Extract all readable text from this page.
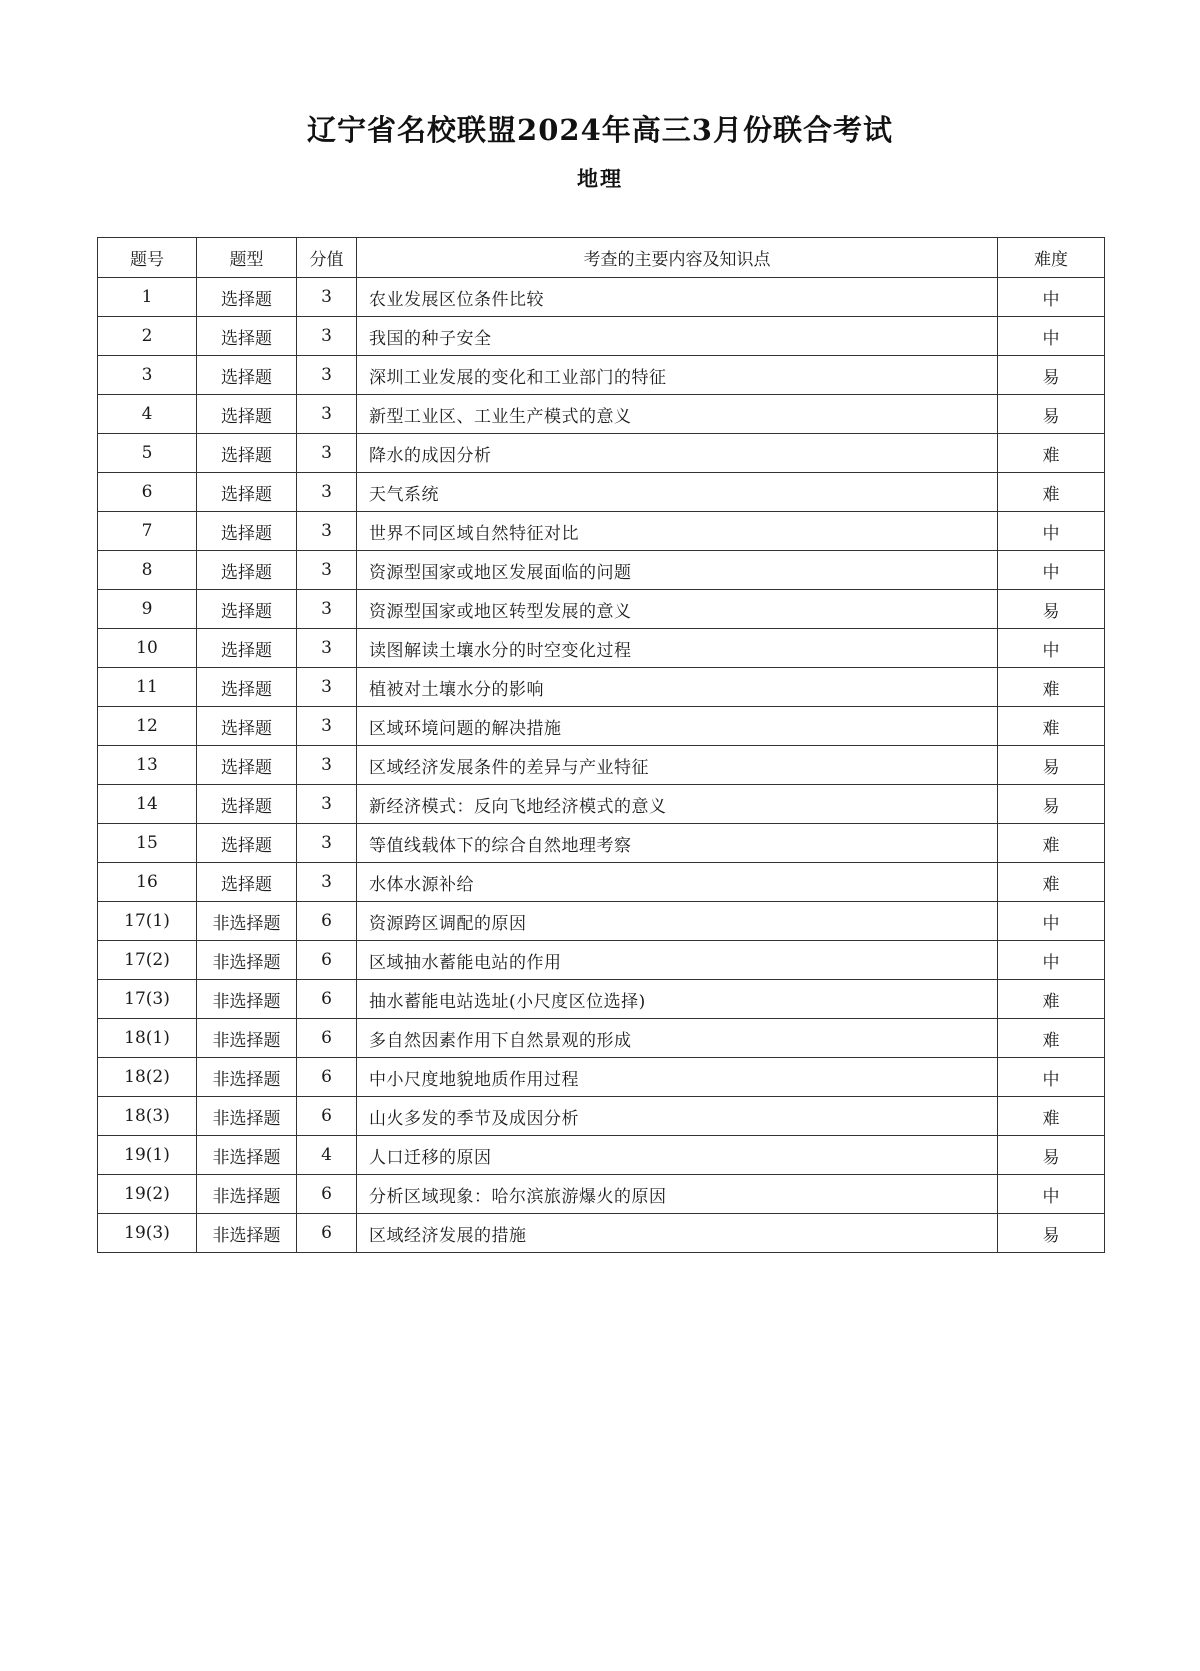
辽宁省名校联盟2024年高三3月份联合考试
地理
题号	题型	分值	考查的主要内容及知识点	难度
1	选择题	3	农业发展区位条件比较	中
2	选择题	3	我国的种子安全	中
3	选择题	3	深圳工业发展的变化和工业部门的特征	易
4	选择题	3	新型工业区、工业生产模式的意义	易
5	选择题	3	降水的成因分析	难
6	选择题	3	天气系统	难
7	选择题	3	世界不同区域自然特征对比	中
8	选择题	3	资源型国家或地区发展面临的问题	中
9	选择题	3	资源型国家或地区转型发展的意义	易
10	选择题	3	读图解读土壤水分的时空变化过程	中
11	选择题	3	植被对土壤水分的影响	难
12	选择题	3	区域环境问题的解决措施	难
13	选择题	3	区域经济发展条件的差异与产业特征	易
14	选择题	3	新经济模式：反向飞地经济模式的意义	易
15	选择题	3	等值线载体下的综合自然地理考察	难
16	选择题	3	水体水源补给	难
17(1)	非选择题	6	资源跨区调配的原因	中
17(2)	非选择题	6	区域抽水蓄能电站的作用	中
17(3)	非选择题	6	抽水蓄能电站选址(小尺度区位选择)	难
18(1)	非选择题	6	多自然因素作用下自然景观的形成	难
18(2)	非选择题	6	中小尺度地貌地质作用过程	中
18(3)	非选择题	6	山火多发的季节及成因分析	难
19(1)	非选择题	4	人口迁移的原因	易
19(2)	非选择题	6	分析区域现象：哈尔滨旅游爆火的原因	中
19(3)	非选择题	6	区域经济发展的措施	易
